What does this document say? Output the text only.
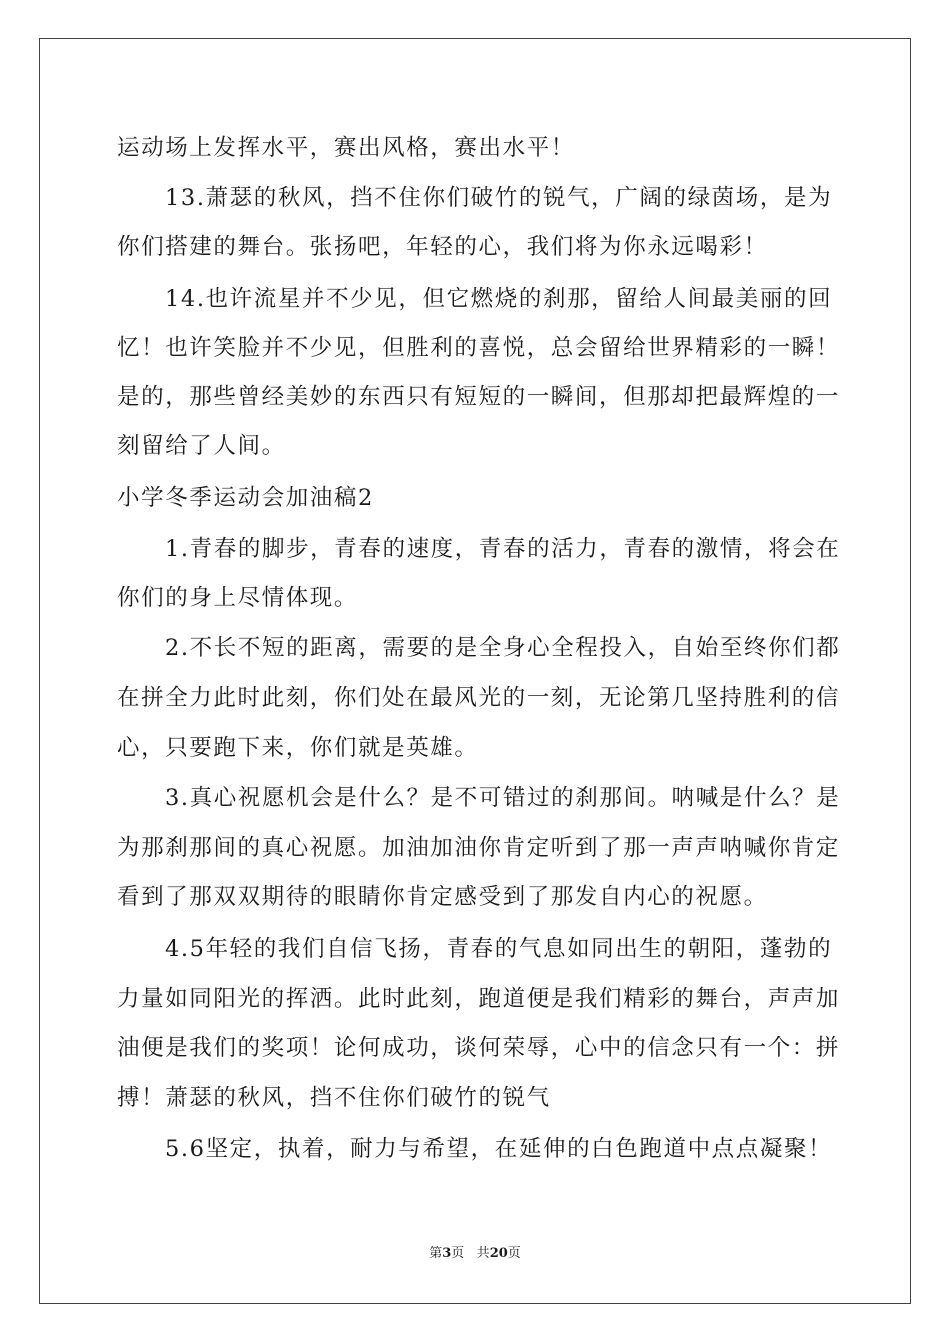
运动场上发挥水平，赛出风格，赛出水平！
13.萧瑟的秋风，挡不住你们破竹的锐气，广阔的绿茵场，是为
你们搭建的舞台。张扬吧，年轻的心，我们将为你永远喝彩！
14.也许流星并不少见，但它燃烧的刹那，留给人间最美丽的回
忆！也许笑脸并不少见，但胜利的喜悦，总会留给世界精彩的一瞬！
是的，那些曾经美妙的东西只有短短的一瞬间，但那却把最辉煌的一
刻留给了人间。
小学冬季运动会加油稿2
1.青春的脚步，青春的速度，青春的活力，青春的激情，将会在
你们的身上尽情体现。
2.不长不短的距离，需要的是全身心全程投入，自始至终你们都
在拼全力此时此刻，你们处在最风光的一刻，无论第几坚持胜利的信
心，只要跑下来，你们就是英雄。
3.真心祝愿机会是什么？是不可错过的刹那间。呐喊是什么？是
为那刹那间的真心祝愿。加油加油你肯定听到了那一声声呐喊你肯定
看到了那双双期待的眼睛你肯定感受到了那发自内心的祝愿。
4.5年轻的我们自信飞扬，青春的气息如同出生的朝阳，蓬勃的
力量如同阳光的挥洒。此时此刻，跑道便是我们精彩的舞台，声声加
油便是我们的奖项！论何成功，谈何荣辱，心中的信念只有一个：拼
搏！萧瑟的秋风，挡不住你们破竹的锐气
5.6坚定，执着，耐力与希望，在延伸的白色跑道中点点凝聚！
第3页 共20页
